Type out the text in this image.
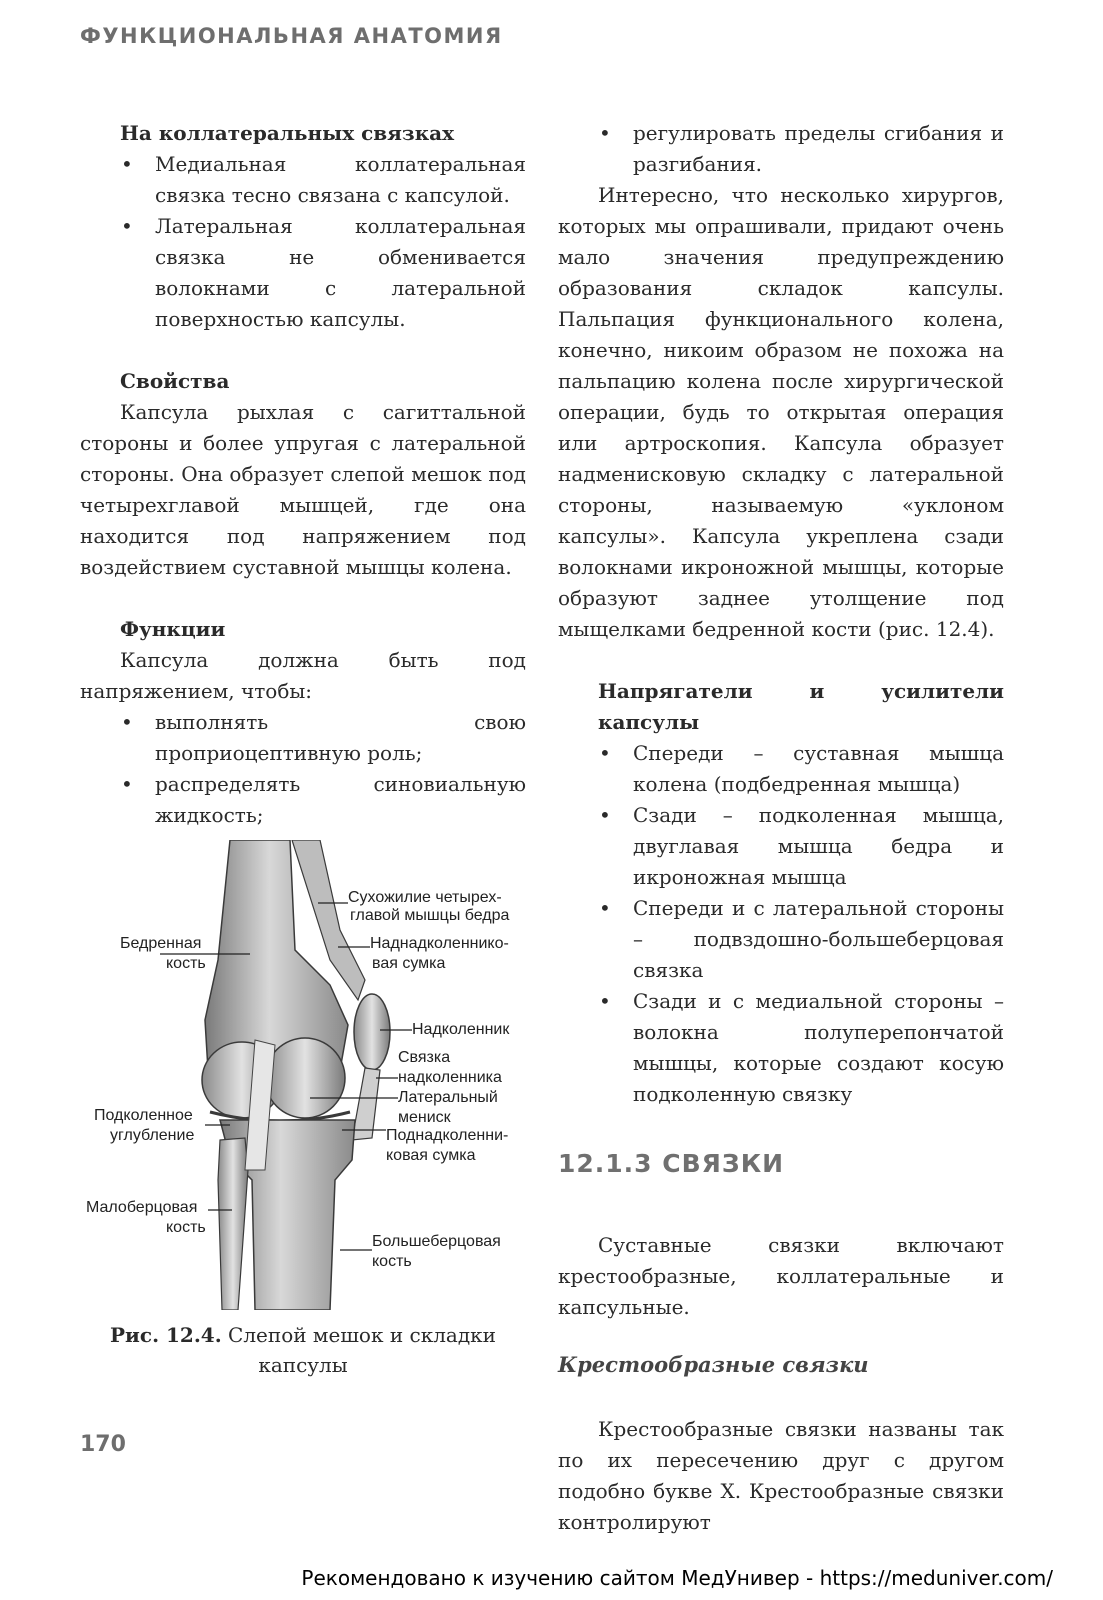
ФУНКЦИОНАЛЬНАЯ АНАТОМИЯ
На коллатеральных связках
• Медиальная коллатеральная связка тесно связана с капсулой.
• Латеральная коллатеральная связка не обменивается волокнами с латеральной поверхностью капсулы.
Свойства

Капсула рыхлая с сагиттальной стороны и более упругая с латеральной стороны. Она образует слепой мешок под четырехглавой мышцей, где она находится под напряжением под воздействием суставной мышцы колена.

Функции

Капсула должна быть под напряжением, чтобы:

• выполнять свою проприоцептивную роль;
• распределять синовиальную жидкость;
Сухожилие четырех-
главой мышцы бедра
Бедренная
кость
Наднадколеннико-
вая сумка
Надколенник
Связка
надколенника
Латеральный
мениск
Подколенное
углубление	Поднадколенни-
ковая сумка
Малоберцовая
кость
Большеберцовая
кость
Рис. 12.4. Слепой мешок и складки капсулы
• регулировать пределы сгибания и разгибания.

Интересно, что несколько хирургов, которых мы опрашивали, придают очень мало значения предупреждению образования складок капсулы. Пальпация функционального колена, конечно, никоим образом не похожа на пальпацию колена после хирургической операции, будь то открытая операция или артроскопия. Капсула образует надменисковую складку с латеральной стороны, называемую «уклоном капсулы». Капсула укреплена сзади волокнами икроножной мышцы, которые образуют заднее утолщение под мыщелками бедренной кости (рис. 12.4).

Напрягатели и усилители капсулы
• Спереди – суставная мышца колена (подбедренная мышца)
• Сзади – подколенная мышца, двуглавая мышца бедра и икроножная мышца
• Спереди и с латеральной стороны – подвздошно-большеберцовая связка
• Сзади и с медиальной стороны – волокна полуперепончатой мышцы, которые создают косую подколенную связку
12.1.3 СВЯЗКИ

Суставные связки включают крестообразные, коллатеральные и капсульные.

Крестообразные связки

Крестообразные связки названы так по их пересечению друг с другом подобно букве X. Крестообразные связки контролируют

170
Рекомендовано к изучению сайтом МедУнивер - https://meduniver.com/
